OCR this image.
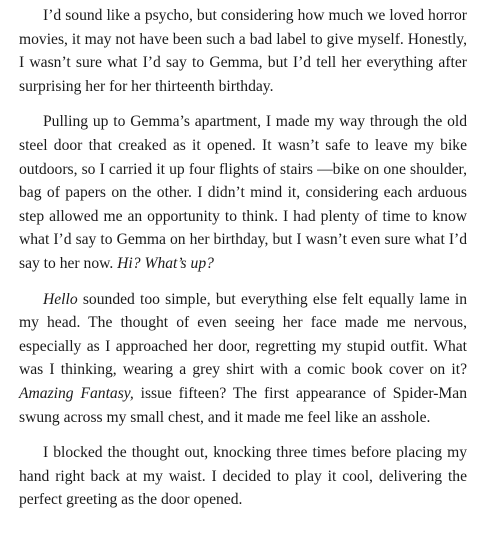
I’d sound like a psycho, but considering how much we loved horror movies, it may not have been such a bad label to give myself. Honestly, I wasn’t sure what I’d say to Gemma, but I’d tell her everything after surprising her for her thirteenth birthday.

Pulling up to Gemma’s apartment, I made my way through the old steel door that creaked as it opened. It wasn’t safe to leave my bike outdoors, so I carried it up four flights of stairs —bike on one shoulder, bag of papers on the other. I didn’t mind it, considering each arduous step allowed me an opportunity to think. I had plenty of time to know what I’d say to Gemma on her birthday, but I wasn’t even sure what I’d say to her now. Hi? What’s up?

Hello sounded too simple, but everything else felt equally lame in my head. The thought of even seeing her face made me nervous, especially as I approached her door, regretting my stupid outfit. What was I thinking, wearing a grey shirt with a comic book cover on it? Amazing Fantasy, issue fifteen? The first appearance of Spider-Man swung across my small chest, and it made me feel like an asshole.

I blocked the thought out, knocking three times before placing my hand right back at my waist. I decided to play it cool, delivering the perfect greeting as the door opened.
